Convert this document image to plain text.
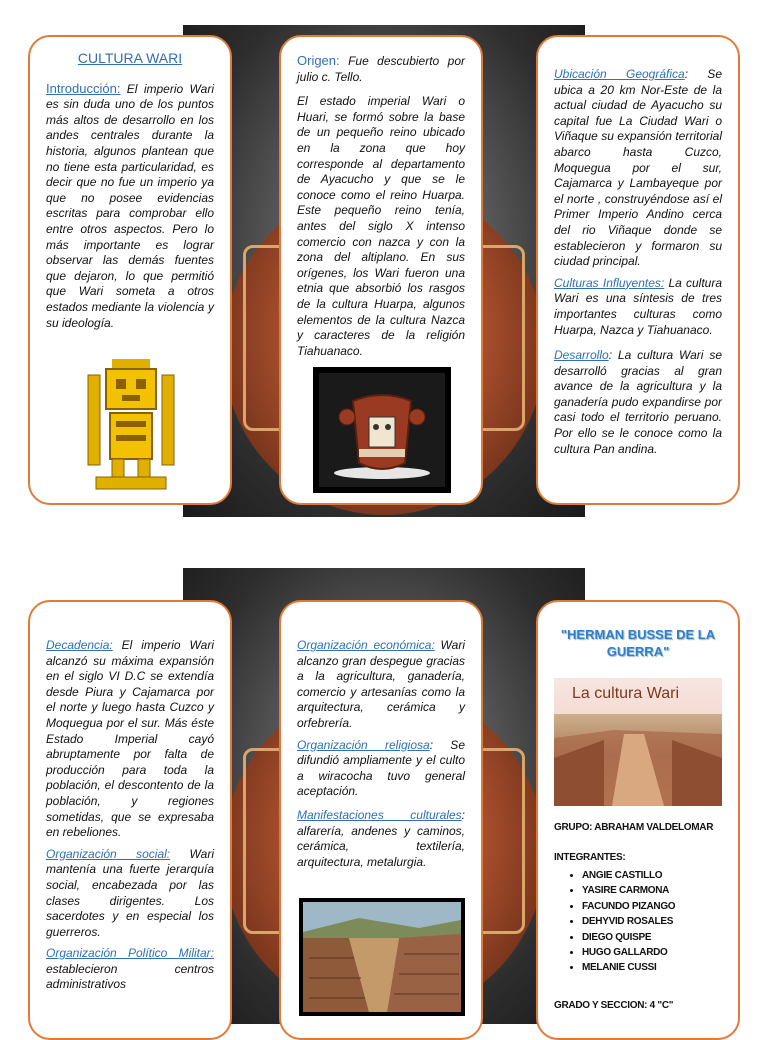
CULTURA WARI

Introducción: El imperio Wari es sin duda uno de los puntos más altos de desarrollo en los andes centrales durante la historia, algunos plantean que no tiene esta particularidad, es decir que no fue un imperio ya que no posee evidencias escritas para comprobar ello entre otros aspectos. Pero lo más importante es lograr observar las demás fuentes que dejaron, lo que permitió que Wari someta a otros estados mediante la violencia y su ideología.

Origen: Fue descubierto por julio c. Tello.

El estado imperial Wari o Huari, se formó sobre la base de un pequeño reino ubicado en la zona que hoy corresponde al departamento de Ayacucho y que se le conoce como el reino Huarpa. Este pequeño reino tenía, antes del siglo X intenso comercio con nazca y con la zona del altiplano. En sus orígenes, los Wari fueron una etnia que absorbió los rasgos de la cultura Huarpa, algunos elementos de la cultura Nazca y caracteres de la religión Tiahuanaco.

Ubicación Geográfica: Se ubica a 20 km Nor-Este de la actual ciudad de Ayacucho su capital fue La Ciudad Wari o Viñaque su expansión territorial abarco hasta Cuzco, Moquegua por el sur, Cajamarca y Lambayeque por el norte , construyéndose así el Primer Imperio Andino cerca del rio Viñaque donde se establecieron y formaron su ciudad principal.

Culturas Influyentes: La cultura Wari es una síntesis de tres importantes culturas como Huarpa, Nazca y Tiahuanaco.

Desarrollo: La cultura Wari se desarrolló gracias al gran avance de la agricultura y la ganadería pudo expandirse por casi todo el territorio peruano. Por ello se le conoce como la cultura Pan andina.

Decadencia: El imperio Wari alcanzó su máxima expansión en el siglo VI D.C se extendía desde Piura y Cajamarca por el norte y luego hasta Cuzco y Moquegua por el sur. Más éste Estado Imperial cayó abruptamente por falta de producción para toda la población, el descontento de la población, y regiones sometidas, que se expresaba en rebeliones.

Organización social: Wari mantenía una fuerte jerarquía social, encabezada por las clases dirigentes. Los sacerdotes y en especial los guerreros.

Organización Político Militar: establecieron centros administrativos

Organización económica: Wari alcanzo gran despegue gracias a la agricultura, ganadería, comercio y artesanías como la arquitectura, cerámica y orfebrería.

Organización religiosa: Se difundió ampliamente y el culto a wiracocha tuvo general aceptación.

Manifestaciones culturales: alfarería, andenes y caminos, cerámica, textilería, arquitectura, metalurgia.

"HERMAN BUSSE DE LA GUERRA"
La cultura Wari
GRUPO: ABRAHAM VALDELOMAR
INTEGRANTES:
• ANGIE CASTILLO
• YASIRE CARMONA
• FACUNDO PIZANGO
• DEHYVID ROSALES
• DIEGO QUISPE
• HUGO GALLARDO
• MELANIE CUSSI
GRADO Y SECCION: 4 "C"
